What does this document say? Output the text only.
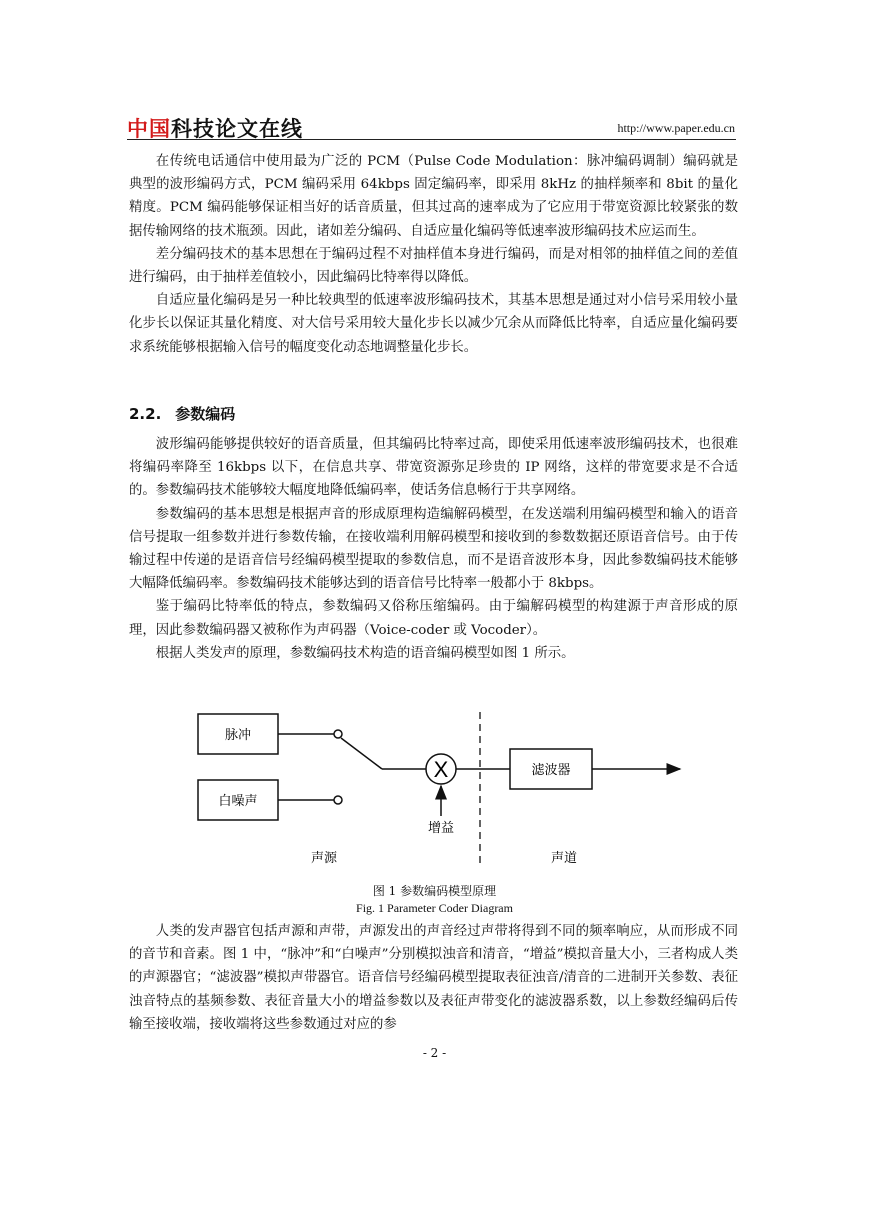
中国科技论文在线	http://www.paper.edu.cn

在传统电话通信中使用最为广泛的 PCM（Pulse Code Modulation：脉冲编码调制）编码就是典型的波形编码方式，PCM 编码采用 64kbps 固定编码率，即采用 8kHz 的抽样频率和 8bit 的量化精度。PCM 编码能够保证相当好的话音质量，但其过高的速率成为了它应用于带宽资源比较紧张的数据传输网络的技术瓶颈。因此，诸如差分编码、自适应量化编码等低速率波形编码技术应运而生。

差分编码技术的基本思想在于编码过程不对抽样值本身进行编码，而是对相邻的抽样值之间的差值进行编码，由于抽样差值较小，因此编码比特率得以降低。

自适应量化编码是另一种比较典型的低速率波形编码技术，其基本思想是通过对小信号采用较小量化步长以保证其量化精度、对大信号采用较大量化步长以减少冗余从而降低比特率，自适应量化编码要求系统能够根据输入信号的幅度变化动态地调整量化步长。

2.2. 参数编码

波形编码能够提供较好的语音质量，但其编码比特率过高，即使采用低速率波形编码技术，也很难将编码率降至 16kbps 以下，在信息共享、带宽资源弥足珍贵的 IP 网络，这样的带宽要求是不合适的。参数编码技术能够较大幅度地降低编码率，使话务信息畅行于共享网络。

参数编码的基本思想是根据声音的形成原理构造编解码模型，在发送端利用编码模型和输入的语音信号提取一组参数并进行参数传输，在接收端利用解码模型和接收到的参数数据还原语音信号。由于传输过程中传递的是语音信号经编码模型提取的参数信息，而不是语音波形本身，因此参数编码技术能够大幅降低编码率。参数编码技术能够达到的语音信号比特率一般都小于 8kbps。

鉴于编码比特率低的特点，参数编码又俗称压缩编码。由于编解码模型的构建源于声音形成的原理，因此参数编码器又被称作为声码器（Voice-coder 或 Vocoder）。

根据人类发声的原理，参数编码技术构造的语音编码模型如图 1 所示。

脉冲
白噪声
X
增益
滤波器
声源	声道
图 1 参数编码模型原理
Fig. 1 Parameter Coder Diagram

人类的发声器官包括声源和声带，声源发出的声音经过声带将得到不同的频率响应，从而形成不同的音节和音素。图 1 中，“脉冲”和“白噪声”分别模拟浊音和清音，“增益”模拟音量大小，三者构成人类的声源器官；“滤波器”模拟声带器官。语音信号经编码模型提取表征浊音/清音的二进制开关参数、表征浊音特点的基频参数、表征音量大小的增益参数以及表征声带变化的滤波器系数，以上参数经编码后传输至接收端，接收端将这些参数通过对应的参

- 2 -
